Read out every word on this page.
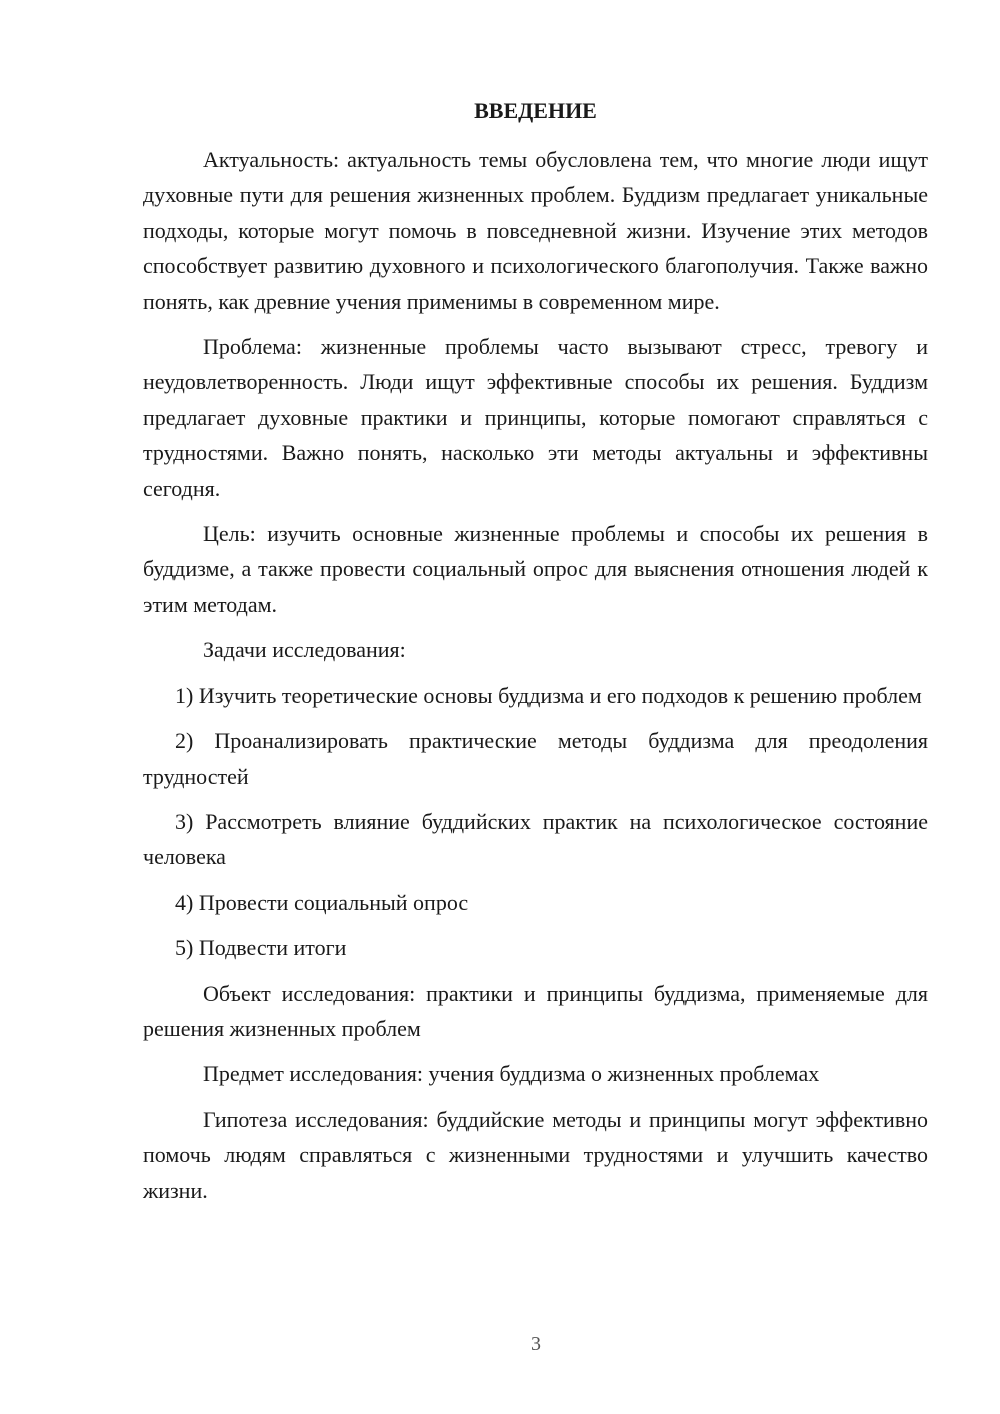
ВВЕДЕНИЕ

Актуальность: актуальность темы обусловлена тем, что многие люди ищут духовные пути для решения жизненных проблем. Буддизм предлагает уникальные подходы, которые могут помочь в повседневной жизни. Изучение этих методов способствует развитию духовного и психологического благополучия. Также важно понять, как древние учения применимы в современном мире.

Проблема: жизненные проблемы часто вызывают стресс, тревогу и неудовлетворенность. Люди ищут эффективные способы их решения. Буддизм предлагает духовные практики и принципы, которые помогают справляться с трудностями. Важно понять, насколько эти методы актуальны и эффективны сегодня.

Цель: изучить основные жизненные проблемы и способы их решения в буддизме, а также провести социальный опрос для выяснения отношения людей к этим методам.

Задачи исследования:

1) Изучить теоретические основы буддизма и его подходов к решению проблем

2) Проанализировать практические методы буддизма для преодоления трудностей

3) Рассмотреть влияние буддийских практик на психологическое состояние человека

4) Провести социальный опрос

5) Подвести итоги

Объект исследования: практики и принципы буддизма, применяемые для решения жизненных проблем

Предмет исследования: учения буддизма о жизненных проблемах

Гипотеза исследования: буддийские методы и принципы могут эффективно помочь людям справляться с жизненными трудностями и улучшить качество жизни.

3
